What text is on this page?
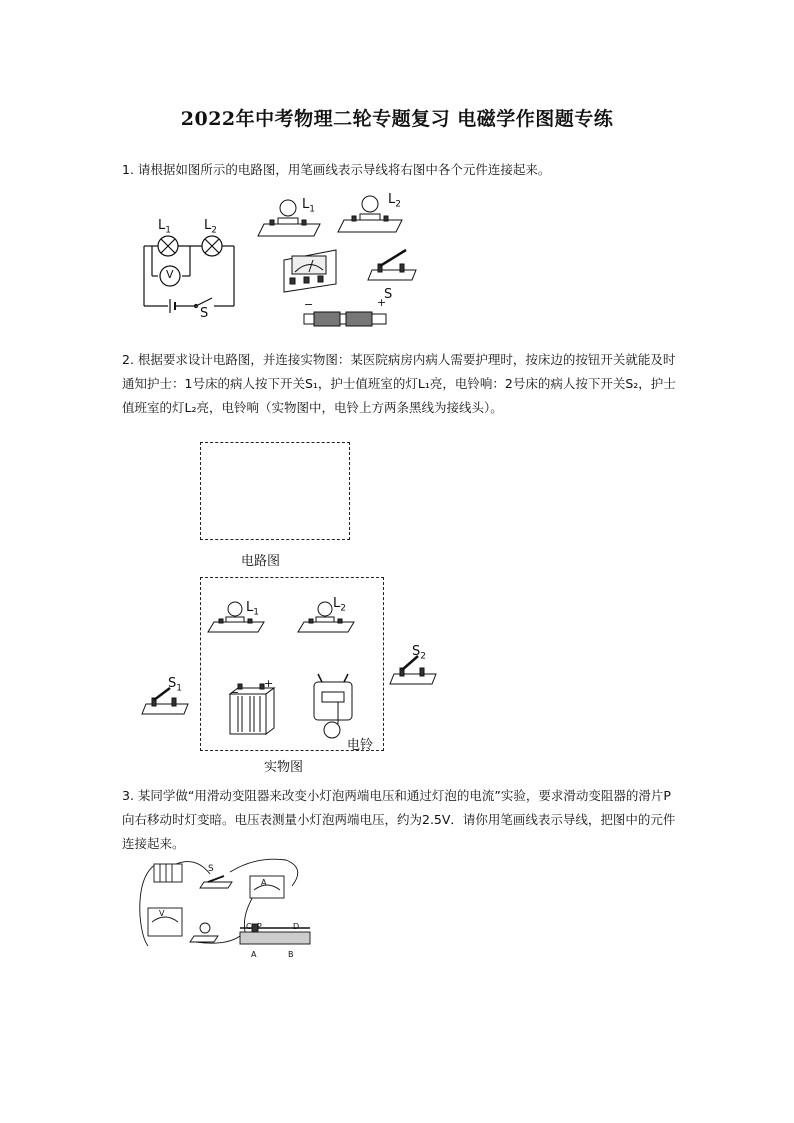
2022年中考物理二轮专题复习 电磁学作图题专练
1. 请根据如图所示的电路图，用笔画线表示导线将右图中各个元件连接起来。
$L_1$	$L_2$
V
S
$L_1$
$L_2$
S
−	+
2. 根据要求设计电路图，并连接实物图：某医院病房内病人需要护理时，按床边的按钮开关就能及时通知护士：1号床的病人按下开关S₁，护士值班室的灯L₁亮，电铃响：2号床的病人按下开关S₂，护士值班室的灯L₂亮，电铃响（实物图中，电铃上方两条黑线为接线头）。
电路图
$L_1$
$L_2$
−
+
电铃
$S_1$
$S_2$
实物图
3. 某同学做“用滑动变阻器来改变小灯泡两端电压和通过灯泡的电流”实验，要求滑动变阻器的滑片P向右移动时灯变暗。电压表测量小灯泡两端电压，约为2.5V．请你用笔画线表示导线，把图中的元件连接起来。
S
C P	D
A	B
V
A
